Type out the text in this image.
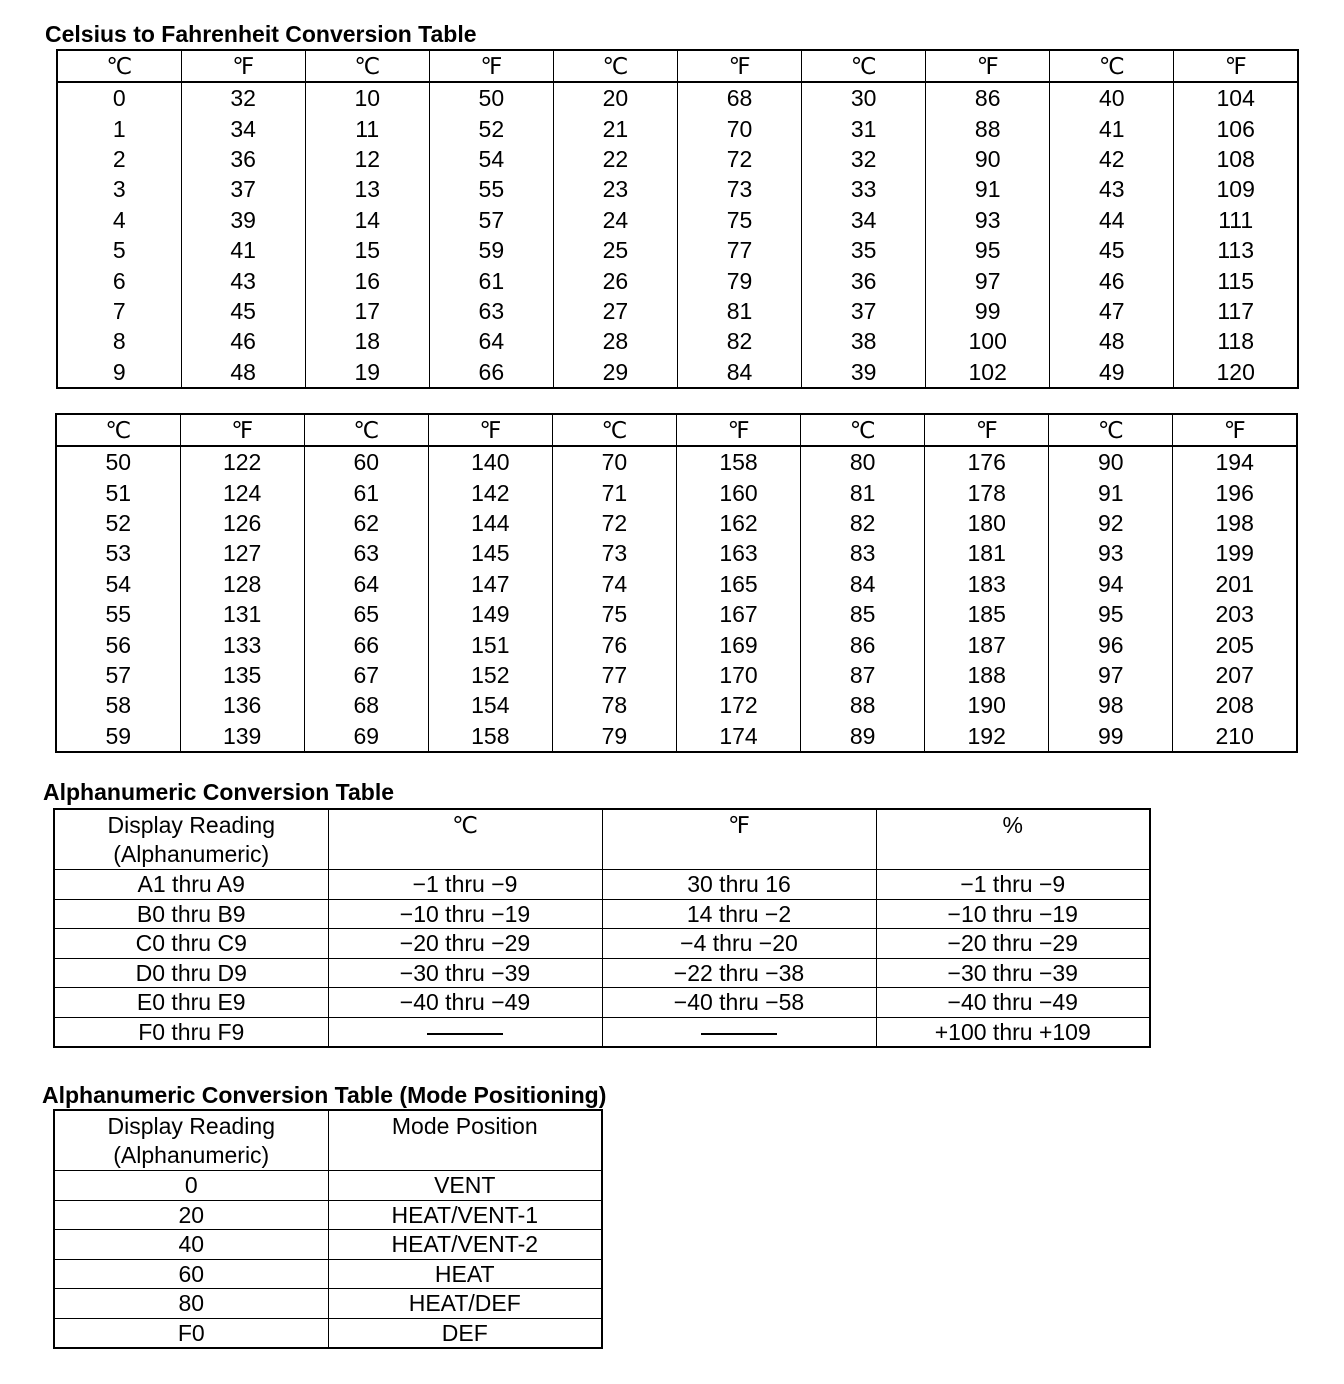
Celsius to Fahrenheit Conversion Table
℃	℉	℃	℉	℃	℉	℃	℉	℃	℉
0	32	10	50	20	68	30	86	40	104
1	34	11	52	21	70	31	88	41	106
2	36	12	54	22	72	32	90	42	108
3	37	13	55	23	73	33	91	43	109
4	39	14	57	24	75	34	93	44	111
5	41	15	59	25	77	35	95	45	113
6	43	16	61	26	79	36	97	46	115
7	45	17	63	27	81	37	99	47	117
8	46	18	64	28	82	38	100	48	118
9	48	19	66	29	84	39	102	49	120
℃	℉	℃	℉	℃	℉	℃	℉	℃	℉
50	122	60	140	70	158	80	176	90	194
51	124	61	142	71	160	81	178	91	196
52	126	62	144	72	162	82	180	92	198
53	127	63	145	73	163	83	181	93	199
54	128	64	147	74	165	84	183	94	201
55	131	65	149	75	167	85	185	95	203
56	133	66	151	76	169	86	187	96	205
57	135	67	152	77	170	87	188	97	207
58	136	68	154	78	172	88	190	98	208
59	139	69	158	79	174	89	192	99	210
Alphanumeric Conversion Table
Display Reading
(Alphanumeric)	℃	℉	%
A1 thru A9	−1 thru −9	30 thru 16	−1 thru −9
B0 thru B9	−10 thru −19	14 thru −2	−10 thru −19
C0 thru C9	−20 thru −29	−4 thru −20	−20 thru −29
D0 thru D9	−30 thru −39	−22 thru −38	−30 thru −39
E0 thru E9	−40 thru −49	−40 thru −58	−40 thru −49
F0 thru F9			+100 thru +109
Alphanumeric Conversion Table (Mode Positioning)
Display Reading
(Alphanumeric)	Mode Position
0	VENT
20	HEAT/VENT-1
40	HEAT/VENT-2
60	HEAT
80	HEAT/DEF
F0	DEF
